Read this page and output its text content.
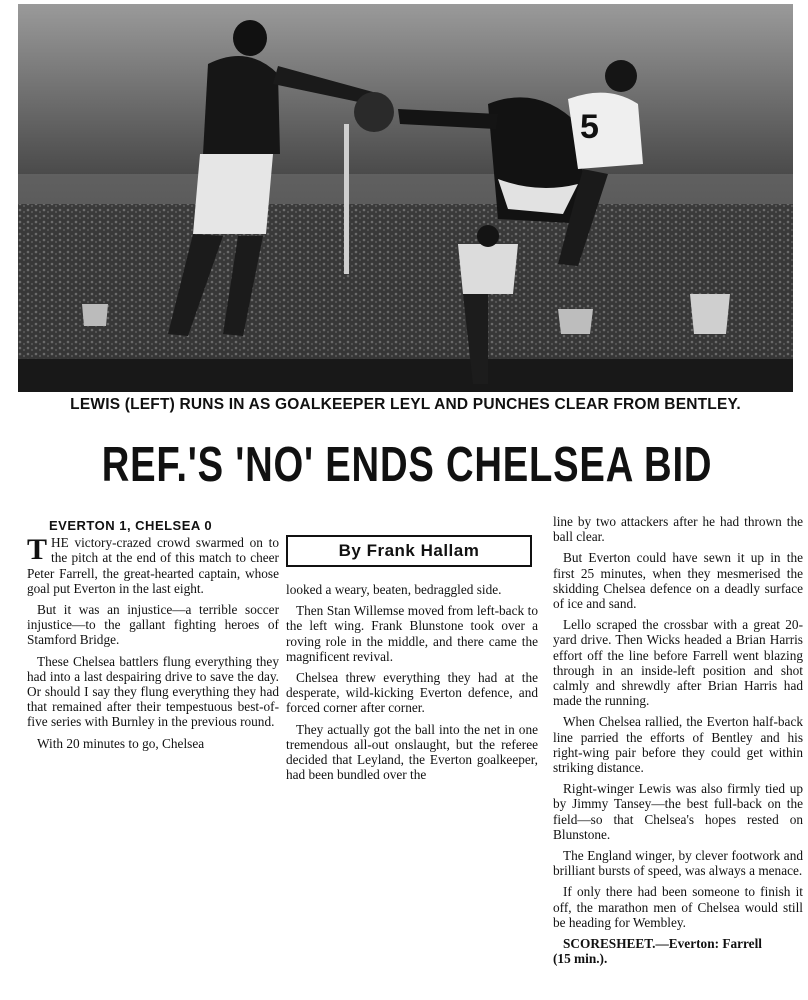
5
LEWIS (LEFT) RUNS IN AS GOALKEEPER LEYL AND PUNCHES CLEAR FROM BENTLEY.
REF.'S 'NO' ENDS CHELSEA BID
EVERTON 1, CHELSEA 0

THE victory-crazed crowd swarmed on to the pitch at the end of this match to cheer Peter Farrell, the great-hearted captain, whose goal put Everton in the last eight.

But it was an injustice—a terrible soccer injustice—to the gallant fighting heroes of Stamford Bridge.

These Chelsea battlers flung everything they had into a last despairing drive to save the day. Or should I say they flung everything they had that remained after their tempestuous best-of-five series with Burnley in the previous round.

With 20 minutes to go, Chelsea

By Frank Hallam

looked a weary, beaten, bedraggled side.

Then Stan Willemse moved from left-back to the left wing. Frank Blunstone took over a roving role in the middle, and there came the magnificent revival.

Chelsea threw everything they had at the desperate, wild-kicking Everton defence, and forced corner after corner.

They actually got the ball into the net in one tremendous all-out onslaught, but the referee decided that Leyland, the Everton goalkeeper, had been bundled over the

line by two attackers after he had thrown the ball clear.

But Everton could have sewn it up in the first 25 minutes, when they mesmerised the skidding Chelsea defence on a deadly surface of ice and sand.

Lello scraped the crossbar with a great 20-yard drive. Then Wicks headed a Brian Harris effort off the line before Farrell went blazing through in an inside-left position and shot calmly and shrewdly after Brian Harris had made the running.

When Chelsea rallied, the Everton half-back line parried the efforts of Bentley and his right-wing pair before they could get within striking distance.

Right-winger Lewis was also firmly tied up by Jimmy Tansey—the best full-back on the field—so that Chelsea's hopes rested on Blunstone.

The England winger, by clever footwork and brilliant bursts of speed, was always a menace.

If only there had been someone to finish it off, the marathon men of Chelsea would still be heading for Wembley.

SCORESHEET.—Everton: Farrell
(15 min.).
